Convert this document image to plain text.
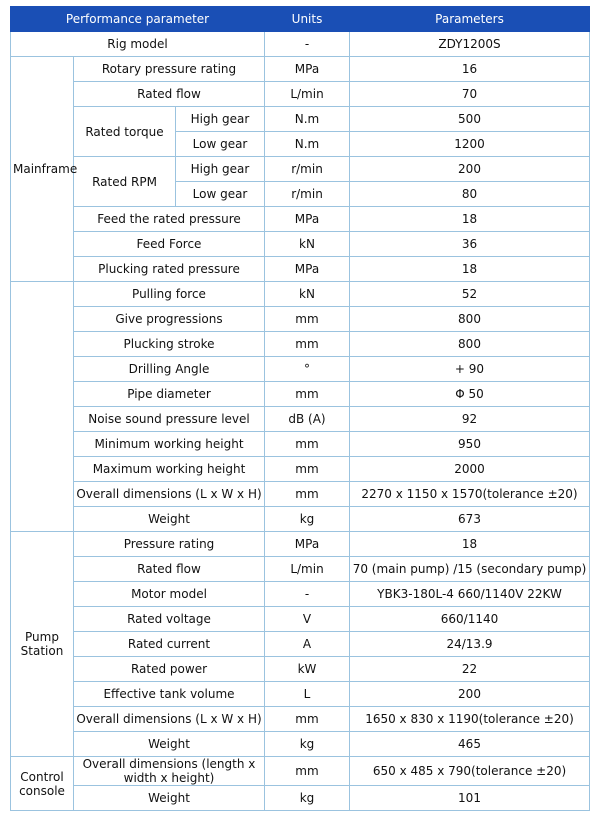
Performance parameter			Units	Parameters
Rig model			-	ZDY1200S
Mainframe	Rotary pressure rating		MPa	16
	Rated flow		L/min	70
	Rated torque	High gear	N.m	500
		Low gear	N.m	1200
	Rated RPM	High gear	r/min	200
		Low gear	r/min	80
	Feed the rated pressure		MPa	18
	Feed Force		kN	36
	Plucking rated pressure		MPa	18
	Pulling force		kN	52
	Give progressions		mm	800
	Plucking stroke		mm	800
	Drilling Angle		°	+ 90
	Pipe diameter		mm	Φ 50
	Noise sound pressure level		dB (A)	92
	Minimum working height		mm	950
	Maximum working height		mm	2000
	Overall dimensions (L x W x H)		mm	2270 x 1150 x 1570(tolerance ±20)
	Weight		kg	673
Pump Station	Pressure rating		MPa	18
	Rated flow		L/min	70 (main pump) /15 (secondary pump)
	Motor model		-	YBK3-180L-4 660/1140V 22KW
	Rated voltage		V	660/1140
	Rated current		A	24/13.9
	Rated power		kW	22
	Effective tank volume		L	200
	Overall dimensions (L x W x H)		mm	1650 x 830 x 1190(tolerance ±20)
	Weight		kg	465
Control console	Overall dimensions (length x width x height)		mm	650 x 485 x 790(tolerance ±20)
	Weight		kg	101
